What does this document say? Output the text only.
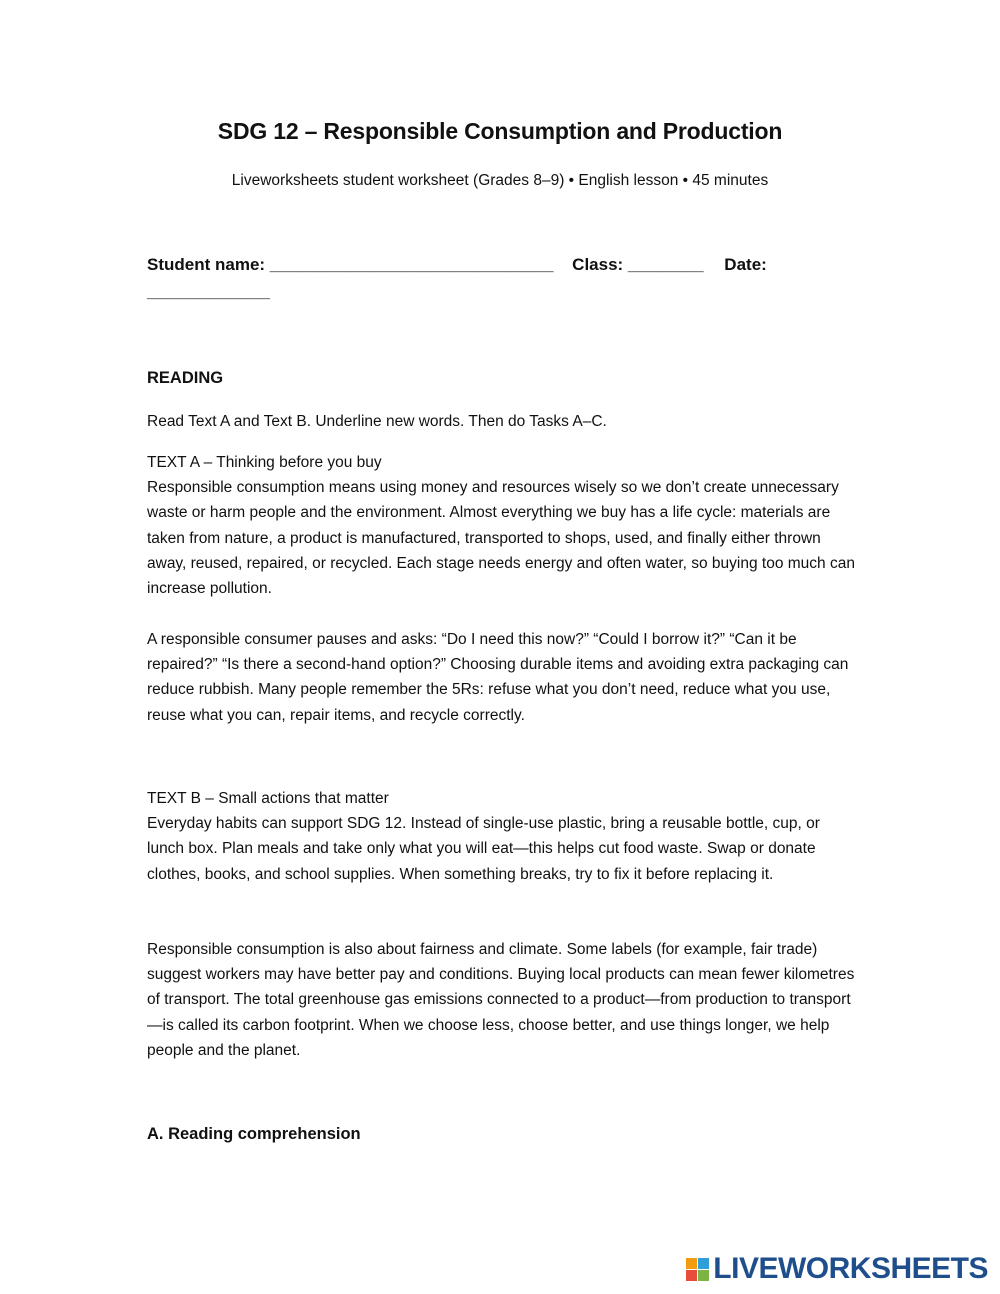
SDG 12 – Responsible Consumption and Production
Liveworksheets student worksheet (Grades 8–9) • English lesson • 45 minutes
Student name: ______________________________ Class: ________ Date:
_____________
READING
Read Text A and Text B. Underline new words. Then do Tasks A–C.

TEXT A – Thinking before you buy

Responsible consumption means using money and resources wisely so we don’t create unnecessary waste or harm people and the environment. Almost everything we buy has a life cycle: materials are taken from nature, a product is manufactured, transported to shops, used, and finally either thrown away, reused, repaired, or recycled. Each stage needs energy and often water, so buying too much can increase pollution.

A responsible consumer pauses and asks: “Do I need this now?” “Could I borrow it?” “Can it be repaired?” “Is there a second-hand option?” Choosing durable items and avoiding extra packaging can reduce rubbish. Many people remember the 5Rs: refuse what you don’t need, reduce what you use, reuse what you can, repair items, and recycle correctly.

TEXT B – Small actions that matter

Everyday habits can support SDG 12. Instead of single-use plastic, bring a reusable bottle, cup, or lunch box. Plan meals and take only what you will eat—this helps cut food waste. Swap or donate clothes, books, and school supplies. When something breaks, try to fix it before replacing it.

Responsible consumption is also about fairness and climate. Some labels (for example, fair trade) suggest workers may have better pay and conditions. Buying local products can mean fewer kilometres of transport. The total greenhouse gas emissions connected to a product—from production to transport—is called its carbon footprint. When we choose less, choose better, and use things longer, we help people and the planet.
A. Reading comprehension
LIVEWORKSHEETS
